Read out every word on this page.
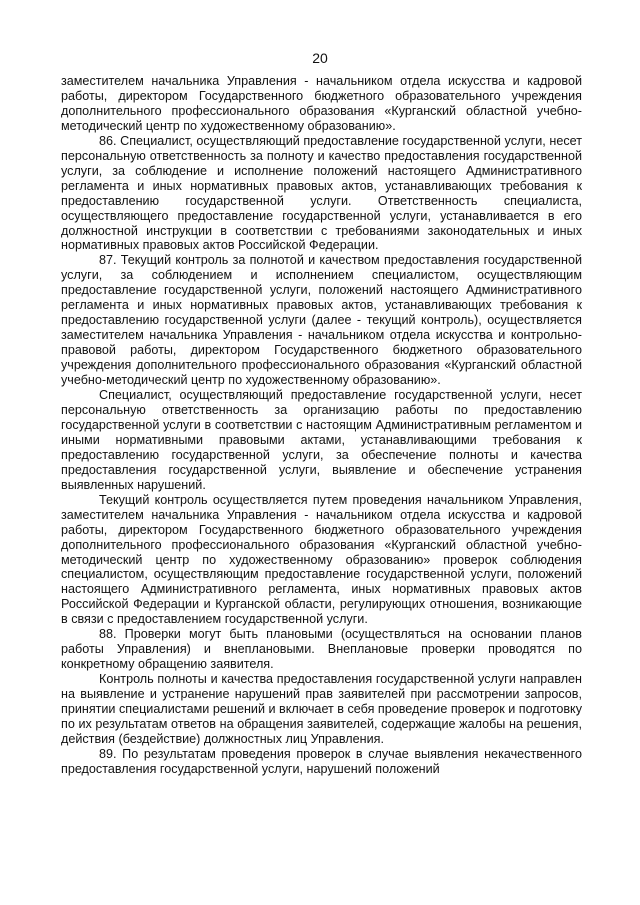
20

заместителем начальника Управления - начальником отдела искусства и кадровой работы, директором Государственного бюджетного образовательного учреждения дополнительного профессионального образования «Курганский областной учебно-методический центр по художественному образованию».

86. Специалист, осуществляющий предоставление государственной услуги, несет персональную ответственность за полноту и качество предоставления государственной услуги, за соблюдение и исполнение положений настоящего Административного регламента и иных нормативных правовых актов, устанавливающих требования к предоставлению государственной услуги. Ответственность специалиста, осуществляющего предоставление государственной услуги, устанавливается в его должностной инструкции в соответствии с требованиями законодательных и иных нормативных правовых актов Российской Федерации.

87. Текущий контроль за полнотой и качеством предоставления государственной услуги, за соблюдением и исполнением специалистом, осуществляющим предоставление государственной услуги, положений настоящего Административного регламента и иных нормативных правовых актов, устанавливающих требования к предоставлению государственной услуги (далее - текущий контроль), осуществляется заместителем начальника Управления - начальником отдела искусства и контрольно-правовой работы, директором Государственного бюджетного образовательного учреждения дополнительного профессионального образования «Курганский областной учебно-методический центр по художественному образованию».

Специалист, осуществляющий предоставление государственной услуги, несет персональную ответственность за организацию работы по предоставлению государственной услуги в соответствии с настоящим Административным регламентом и иными нормативными правовыми актами, устанавливающими требования к предоставлению государственной услуги, за обеспечение полноты и качества предоставления государственной услуги, выявление и обеспечение устранения выявленных нарушений.

Текущий контроль осуществляется путем проведения начальником Управления, заместителем начальника Управления - начальником отдела искусства и кадровой работы, директором Государственного бюджетного образовательного учреждения дополнительного профессионального образования «Курганский областной учебно-методический центр по художественному образованию» проверок соблюдения специалистом, осуществляющим предоставление государственной услуги, положений настоящего Административного регламента, иных нормативных правовых актов Российской Федерации и Курганской области, регулирующих отношения, возникающие в связи с предоставлением государственной услуги.

88. Проверки могут быть плановыми (осуществляться на основании планов работы Управления) и внеплановыми. Внеплановые проверки проводятся по конкретному обращению заявителя.

Контроль полноты и качества предоставления государственной услуги направлен на выявление и устранение нарушений прав заявителей при рассмотрении запросов, принятии специалистами решений и включает в себя проведение проверок и подготовку по их результатам ответов на обращения заявителей, содержащие жалобы на решения, действия (бездействие) должностных лиц Управления.

89. По результатам проведения проверок в случае выявления некачественного предоставления государственной услуги, нарушений положений
